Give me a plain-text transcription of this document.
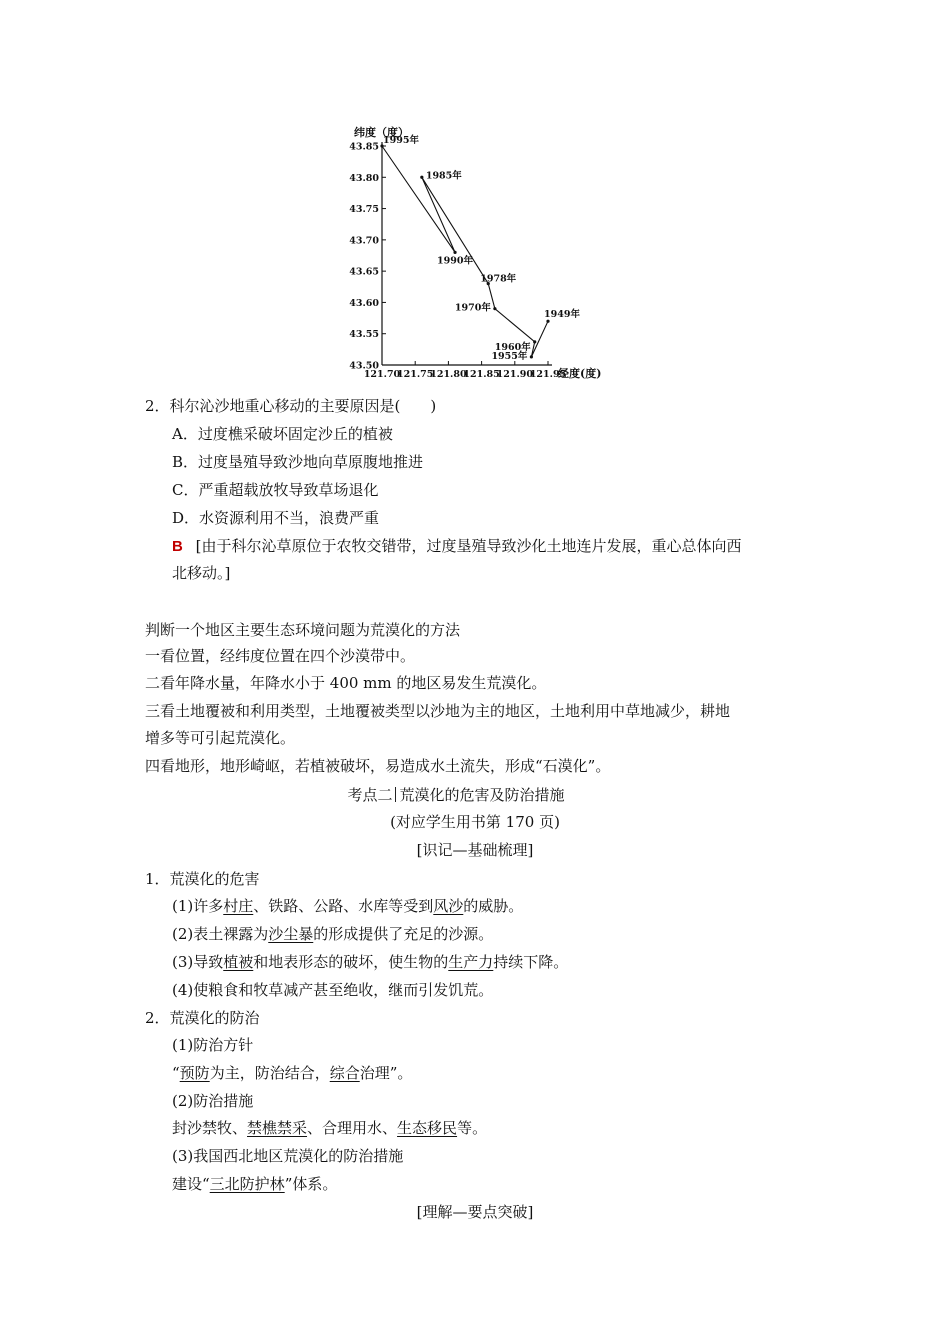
43.85
43.80
43.75
43.70
43.65
43.60
43.55
43.50
121.70
121.75
121.80
121.85
121.90
121.95
纬度（度）
经度(度)
1949年
1955年
1960年
1970年
1978年
1985年
1990年
1995年
2．科尔沁沙地重心移动的主要原因是(　　)
A．过度樵采破坏固定沙丘的植被
B．过度垦殖导致沙地向草原腹地推进
C．严重超载放牧导致草场退化
D．水资源利用不当，浪费严重
B [由于科尔沁草原位于农牧交错带，过度垦殖导致沙化土地连片发展，重心总体向西
北移动。]
判断一个地区主要生态环境问题为荒漠化的方法
一看位置，经纬度位置在四个沙漠带中。
二看年降水量，年降水小于 400 mm 的地区易发生荒漠化。
三看土地覆被和利用类型，土地覆被类型以沙地为主的地区，土地利用中草地减少，耕地
增多等可引起荒漠化。
四看地形，地形崎岖，若植被破坏，易造成水土流失，形成“石漠化”。
考点二 荒漠化的危害及防治措施
(对应学生用书第 170 页)
[识记—基础梳理]
1．荒漠化的危害
(1)许多村庄、铁路、公路、水库等受到风沙的威胁。
(2)表土裸露为沙尘暴的形成提供了充足的沙源。
(3)导致植被和地表形态的破坏，使生物的生产力持续下降。
(4)使粮食和牧草减产甚至绝收，继而引发饥荒。
2．荒漠化的防治
(1)防治方针
“预防为主，防治结合，综合治理”。
(2)防治措施
封沙禁牧、禁樵禁采、合理用水、生态移民等。
(3)我国西北地区荒漠化的防治措施
建设“三北防护林”体系。
[理解—要点突破]
